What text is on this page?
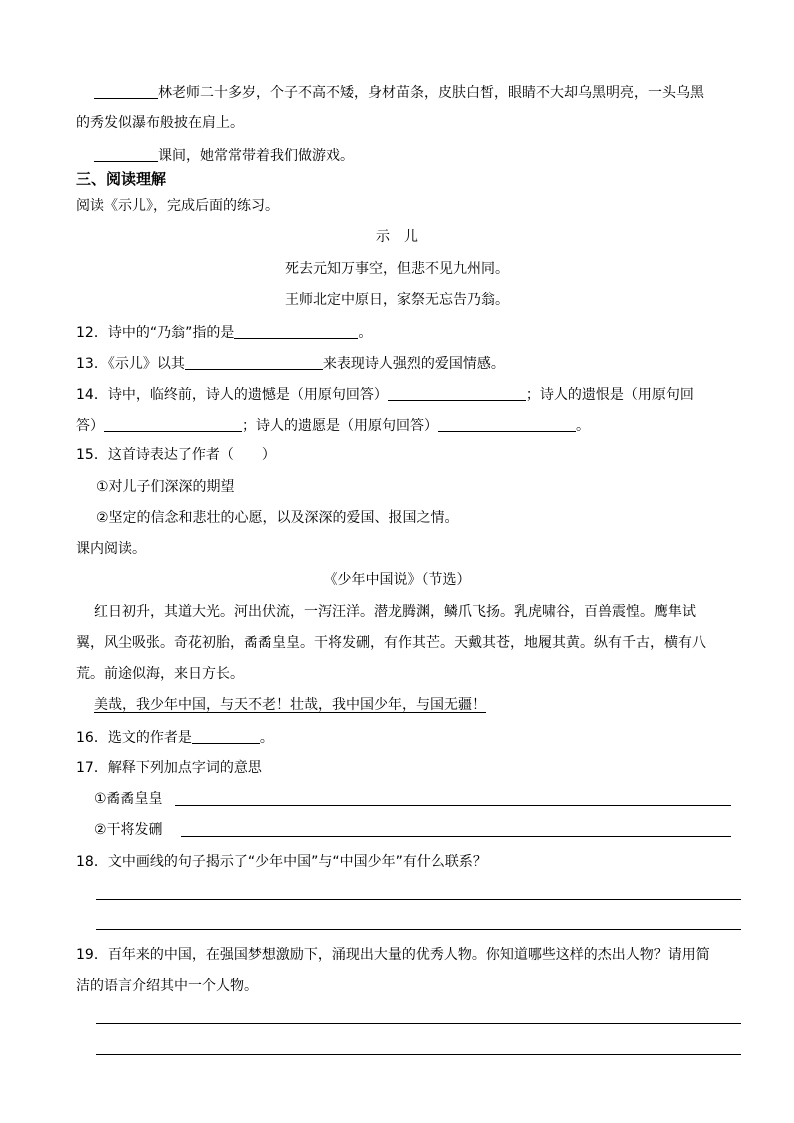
林老师二十多岁，个子不高不矮，身材苗条，皮肤白皙，眼睛不大却乌黑明亮，一头乌黑
的秀发似瀑布般披在肩上。
课间，她常常带着我们做游戏。
三、阅读理解
阅读《示儿》，完成后面的练习。
示　儿
死去元知万事空，但悲不见九州同。
王师北定中原日，家祭无忘告乃翁。
12．诗中的“乃翁”指的是	。
13．《示儿》以其	来表现诗人强烈的爱国情感。
14．诗中，临终前，诗人的遗憾是（用原句回答）	；诗人的遗恨是（用原句回
答）	；诗人的遗愿是（用原句回答）	。
15．这首诗表达了作者（　　）
①对儿子们深深的期望
②坚定的信念和悲壮的心愿，以及深深的爱国、报国之情。
课内阅读。
《少年中国说》（节选）
红日初升，其道大光。河出伏流，一泻汪洋。潜龙腾渊，鳞爪飞扬。乳虎啸谷，百兽震惶。鹰隼试
翼，风尘吸张。奇花初胎，矞矞皇皇。干将发硎，有作其芒。天戴其苍，地履其黄。纵有千古，横有八
荒。前途似海，来日方长。
美哉，我少年中国，与天不老！壮哉，我中国少年，与国无疆！
16．选文的作者是	。
17．解释下列加点字词的意思
①矞矞皇皇
②干将发硎
18．文中画线的句子揭示了“少年中国”与“中国少年”有什么联系？
19．百年来的中国，在强国梦想激励下，涌现出大量的优秀人物。你知道哪些这样的杰出人物？请用简
洁的语言介绍其中一个人物。
